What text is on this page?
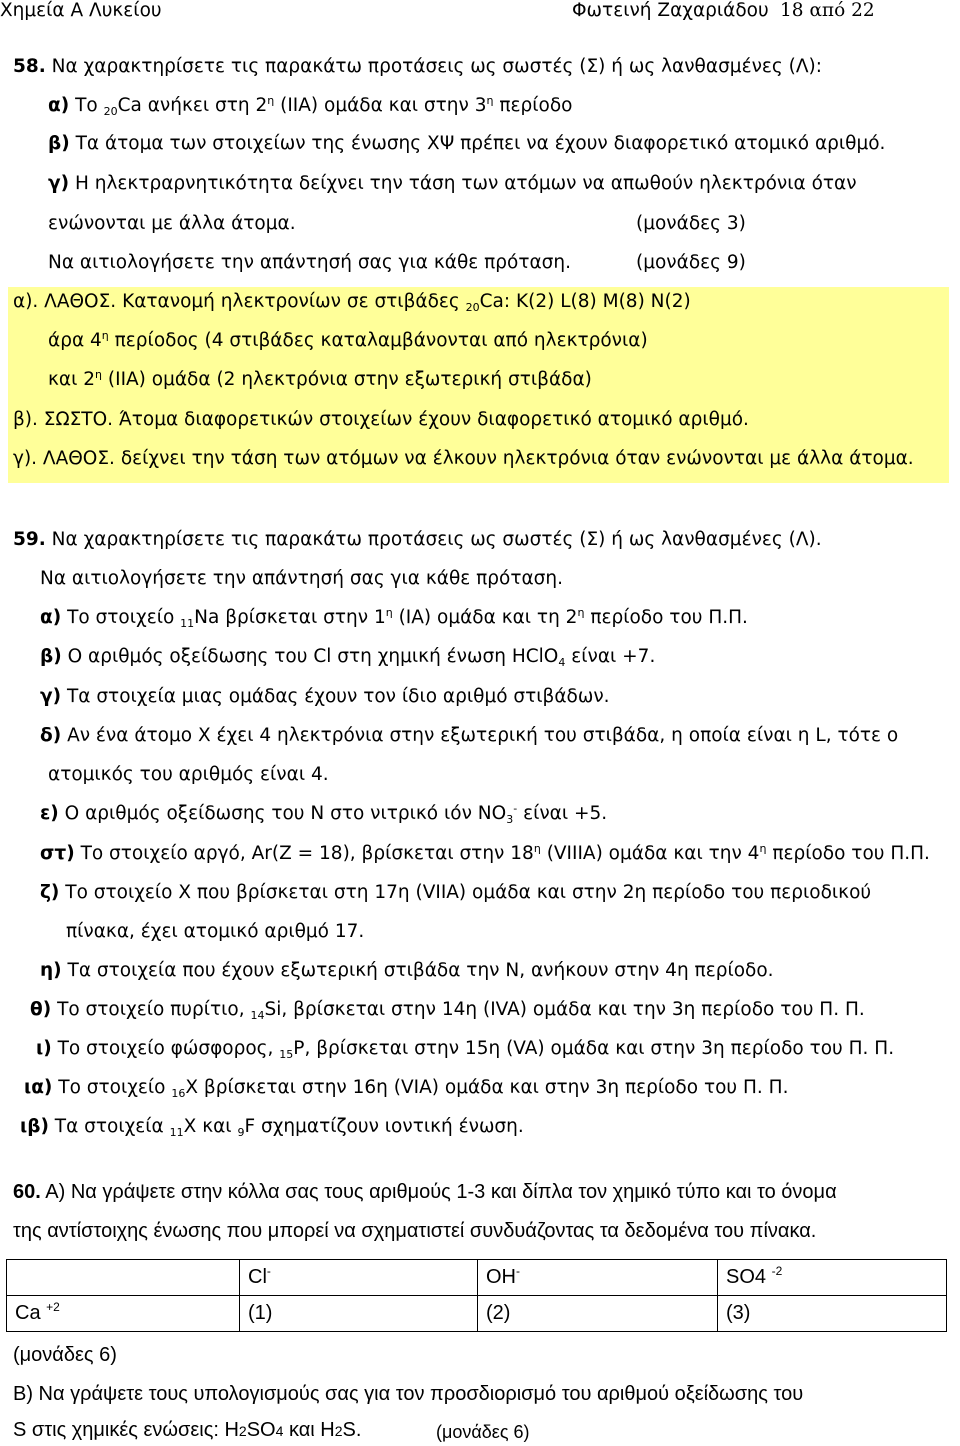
Χημεία Α Λυκείου	Φωτεινή Ζαχαριάδου 18 από 22
58. Να χαρακτηρίσετε τις παρακάτω προτάσεις ως σωστές (Σ) ή ως λανθασμένες (Λ):
α) Το $_{20}$Ca ανήκει στη $2^\eta$ (IIA) ομάδα και στην $3^\eta$ περίοδο
β) Τα άτομα των στοιχείων της ένωσης ΧΨ πρέπει να έχουν διαφορετικό ατομικό αριθμό.
γ) Η ηλεκτραρνητικότητα δείχνει την τάση των ατόμων να απωθούν ηλεκτρόνια όταν
ενώνονται με άλλα άτομα.	(μονάδες 3)
Να αιτιολογήσετε την απάντησή σας για κάθε πρόταση.	(μονάδες 9)
α). ΛΑΘΟΣ. Κατανομή ηλεκτρονίων σε στιβάδες $_{20}$Ca: K(2) L(8) M(8) N(2)
άρα $4^\eta$ περίοδος (4 στιβάδες καταλαμβάνονται από ηλεκτρόνια)
και $2^\eta$ (IIA) ομάδα (2 ηλεκτρόνια στην εξωτερική στιβάδα)
β). ΣΩΣΤΟ. Άτομα διαφορετικών στοιχείων έχουν διαφορετικό ατομικό αριθμό.
γ). ΛΑΘΟΣ. δείχνει την τάση των ατόμων να έλκουν ηλεκτρόνια όταν ενώνονται με άλλα άτομα.
59. Να χαρακτηρίσετε τις παρακάτω προτάσεις ως σωστές (Σ) ή ως λανθασμένες (Λ).
Να αιτιολογήσετε την απάντησή σας για κάθε πρόταση.
α) Το στοιχείο $_{11}$Na βρίσκεται στην $1^\eta$ (ΙΑ) ομάδα και τη $2^\eta$ περίοδο του Π.Π.
β) Ο αριθμός οξείδωσης του Cl στη χημική ένωση HClO$_4$ είναι +7.
γ) Τα στοιχεία μιας ομάδας έχουν τον ίδιο αριθμό στιβάδων.
δ) Αν ένα άτομο Χ έχει 4 ηλεκτρόνια στην εξωτερική του στιβάδα, η οποία είναι η L, τότε ο
ατομικός του αριθμός είναι 4.
ε) Ο αριθμός οξείδωσης του N στο νιτρικό ιόν $NO_3^-$ είναι +5.
στ) Το στοιχείο αργό, Ar(Z = 18), βρίσκεται στην $18^\eta$ (VIIIA) ομάδα και την $4^\eta$ περίοδο του Π.Π.
ζ) Το στοιχείο Χ που βρίσκεται στη 17η (VIIA) ομάδα και στην 2η περίοδο του περιοδικού
πίνακα, έχει ατομικό αριθμό 17.
η) Τα στοιχεία που έχουν εξωτερική στιβάδα την Ν, ανήκουν στην 4η περίοδο.
θ) Το στοιχείο πυρίτιο, $_{14}$Si, βρίσκεται στην 14η (IVA) ομάδα και την 3η περίοδο του Π. Π.
ι) Το στοιχείο φώσφορος, $_{15}$P, βρίσκεται στην 15η (VA) ομάδα και στην 3η περίοδο του Π. Π.
ια) Το στοιχείο $_{16}$X βρίσκεται στην 16η (VIA) ομάδα και στην 3η περίοδο του Π. Π.
ιβ) Τα στοιχεία $_{11}$X και $_9$F σχηματίζουν ιοντική ένωση.
60. Α) Να γράψετε στην κόλλα σας τους αριθμούς 1-3 και δίπλα τον χημικό τύπο και το όνομα
της αντίστοιχης ένωσης που μπορεί να σχηματιστεί συνδυάζοντας τα δεδομένα του πίνακα.
	Cl-	OH-	SO4 $^{-2}$
Ca $^{+2}$	(1)	(2)	(3)
(μονάδες 6)
Β) Να γράψετε τους υπολογισμούς σας για τον προσδιορισμό του αριθμού οξείδωσης του
S στις χημικές ενώσεις: H2SO4 και H2S.	(μονάδες 6)
